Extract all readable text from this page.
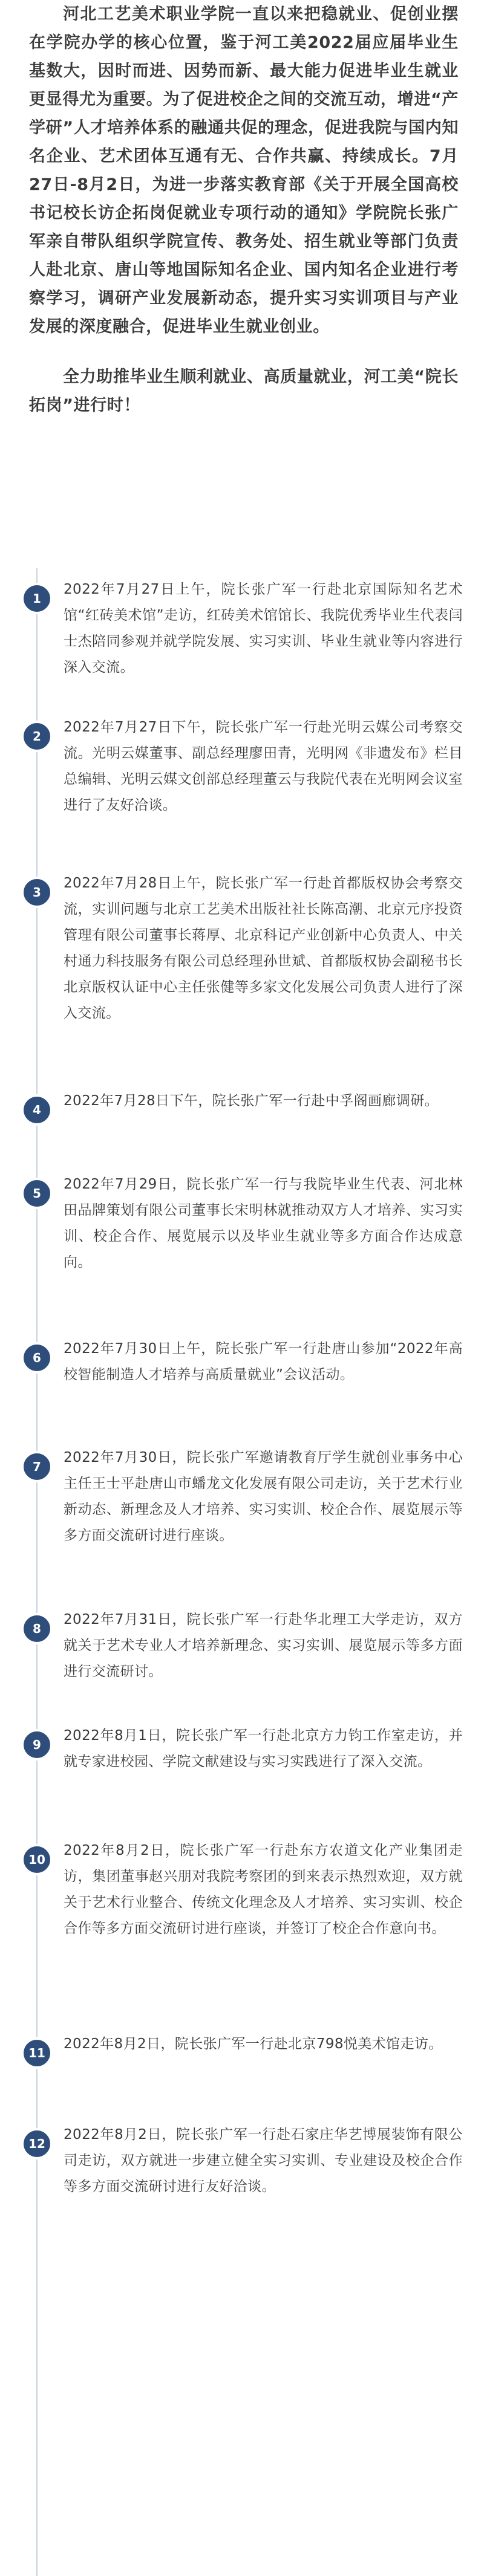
河北工艺美术职业学院一直以来把稳就业、促创业摆在学院办学的核心位置，鉴于河工美2022届应届毕业生基数大，因时而进、因势而新、最大能力促进毕业生就业更显得尤为重要。为了促进校企之间的交流互动，增进“产学研”人才培养体系的融通共促的理念，促进我院与国内知名企业、艺术团体互通有无、合作共赢、持续成长。7月27日-8月2日，为进一步落实教育部《关于开展全国高校书记校长访企拓岗促就业专项行动的通知》学院院长张广军亲自带队组织学院宣传、教务处、招生就业等部门负责人赴北京、唐山等地国际知名企业、国内知名企业进行考察学习，调研产业发展新动态，提升实习实训项目与产业发展的深度融合，促进毕业生就业创业。

全力助推毕业生顺利就业、高质量就业，河工美“院长拓岗”进行时！

1
2022年7月27日上午，院长张广军一行赴北京国际知名艺术馆“红砖美术馆”走访，红砖美术馆馆长、我院优秀毕业生代表闫士杰陪同参观并就学院发展、实习实训、毕业生就业等内容进行深入交流。
2
2022年7月27日下午，院长张广军一行赴光明云媒公司考察交流。光明云媒董事、副总经理廖田青，光明网《非遗发布》栏目总编辑、光明云媒文创部总经理董云与我院代表在光明网会议室进行了友好洽谈。
3
2022年7月28日上午，院长张广军一行赴首都版权协会考察交流，实训问题与北京工艺美术出版社社长陈高潮、北京元序投资管理有限公司董事长蒋厚、北京科记产业创新中心负责人、中关村通力科技服务有限公司总经理孙世斌、首都版权协会副秘书长北京版权认证中心主任张健等多家文化发展公司负责人进行了深入交流。
4
2022年7月28日下午，院长张广军一行赴中孚阁画廊调研。
5
2022年7月29日，院长张广军一行与我院毕业生代表、河北林田品牌策划有限公司董事长宋明林就推动双方人才培养、实习实训、校企合作、展览展示以及毕业生就业等多方面合作达成意向。
6
2022年7月30日上午，院长张广军一行赴唐山参加“2022年高校智能制造人才培养与高质量就业”会议活动。
7
2022年7月30日，院长张广军邀请教育厅学生就创业事务中心主任王士平赴唐山市蟠龙文化发展有限公司走访，关于艺术行业新动态、新理念及人才培养、实习实训、校企合作、展览展示等多方面交流研讨进行座谈。
8
2022年7月31日，院长张广军一行赴华北理工大学走访，双方就关于艺术专业人才培养新理念、实习实训、展览展示等多方面进行交流研讨。
9
2022年8月1日，院长张广军一行赴北京方力钧工作室走访，并就专家进校园、学院文献建设与实习实践进行了深入交流。
10
2022年8月2日，院长张广军一行赴东方农道文化产业集团走访，集团董事赵兴朋对我院考察团的到来表示热烈欢迎，双方就关于艺术行业整合、传统文化理念及人才培养、实习实训、校企合作等多方面交流研讨进行座谈，并签订了校企合作意向书。
11
2022年8月2日，院长张广军一行赴北京798悦美术馆走访。
12
2022年8月2日，院长张广军一行赴石家庄华艺博展装饰有限公司走访，双方就进一步建立健全实习实训、专业建设及校企合作等多方面交流研讨进行友好洽谈。
